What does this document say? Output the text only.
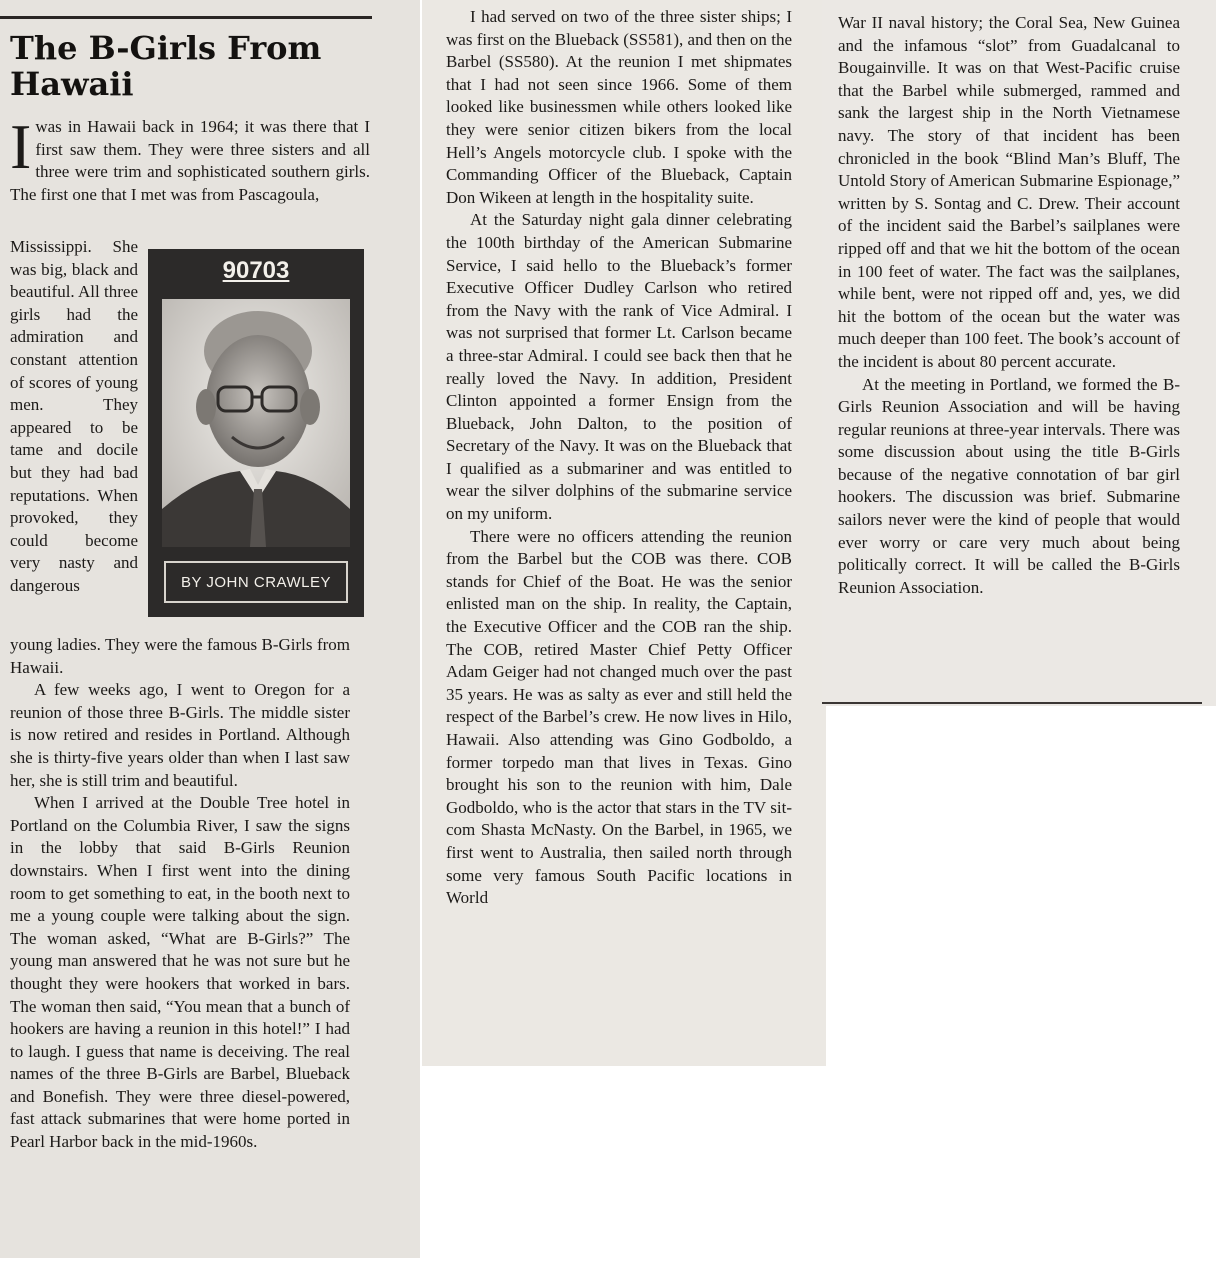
The B-Girls From Hawaii

Iwas in Hawaii back in 1964; it was there that I first saw them. They were three sisters and all three were trim and sophisticated southern girls. The first one that I met was from Pascagoula,

Mississippi. She was big, black and beautiful. All three girls had the admiration and constant attention of scores of young men. They appeared to be tame and docile but they had bad reputations. When provoked, they could become very nasty and dangerous
90703
BY JOHN CRAWLEY

young ladies. They were the famous B-Girls from Hawaii.

A few weeks ago, I went to Oregon for a reunion of those three B-Girls. The middle sister is now retired and resides in Portland. Although she is thirty-five years older than when I last saw her, she is still trim and beautiful.

When I arrived at the Double Tree hotel in Portland on the Columbia River, I saw the signs in the lobby that said B-Girls Reunion downstairs. When I first went into the dining room to get something to eat, in the booth next to me a young couple were talking about the sign. The woman asked, “What are B-Girls?” The young man answered that he was not sure but he thought they were hookers that worked in bars. The woman then said, “You mean that a bunch of hookers are having a reunion in this hotel!” I had to laugh. I guess that name is deceiving. The real names of the three B-Girls are Barbel, Blueback and Bonefish. They were three diesel-powered, fast attack submarines that were home ported in Pearl Harbor back in the mid-1960s.

I had served on two of the three sister ships; I was first on the Blueback (SS581), and then on the Barbel (SS580). At the reunion I met shipmates that I had not seen since 1966. Some of them looked like businessmen while others looked like they were senior citizen bikers from the local Hell’s Angels motorcycle club. I spoke with the Commanding Officer of the Blueback, Captain Don Wikeen at length in the hospitality suite.

At the Saturday night gala dinner celebrating the 100th birthday of the American Submarine Service, I said hello to the Blueback’s former Executive Officer Dudley Carlson who retired from the Navy with the rank of Vice Admiral. I was not surprised that former Lt. Carlson became a three-star Admiral. I could see back then that he really loved the Navy. In addition, President Clinton appointed a former Ensign from the Blueback, John Dalton, to the position of Secretary of the Navy. It was on the Blueback that I qualified as a submariner and was entitled to wear the silver dolphins of the submarine service on my uniform.

There were no officers attending the reunion from the Barbel but the COB was there. COB stands for Chief of the Boat. He was the senior enlisted man on the ship. In reality, the Captain, the Executive Officer and the COB ran the ship. The COB, retired Master Chief Petty Officer Adam Geiger had not changed much over the past 35 years. He was as salty as ever and still held the respect of the Barbel’s crew. He now lives in Hilo, Hawaii. Also attending was Gino Godboldo, a former torpedo man that lives in Texas. Gino brought his son to the reunion with him, Dale Godboldo, who is the actor that stars in the TV sit-com Shasta McNasty. On the Barbel, in 1965, we first went to Australia, then sailed north through some very famous South Pacific locations in World

War II naval history; the Coral Sea, New Guinea and the infamous “slot” from Guadalcanal to Bougainville. It was on that West-Pacific cruise that the Barbel while submerged, rammed and sank the largest ship in the North Vietnamese navy. The story of that incident has been chronicled in the book “Blind Man’s Bluff, The Untold Story of American Submarine Espionage,” written by S. Sontag and C. Drew. Their account of the incident said the Barbel’s sailplanes were ripped off and that we hit the bottom of the ocean in 100 feet of water. The fact was the sailplanes, while bent, were not ripped off and, yes, we did hit the bottom of the ocean but the water was much deeper than 100 feet. The book’s account of the incident is about 80 percent accurate.

At the meeting in Portland, we formed the B-Girls Reunion Association and will be having regular reunions at three-year intervals. There was some discussion about using the title B-Girls because of the negative connotation of bar girl hookers. The discussion was brief. Submarine sailors never were the kind of people that would ever worry or care very much about being politically correct. It will be called the B-Girls Reunion Association.
